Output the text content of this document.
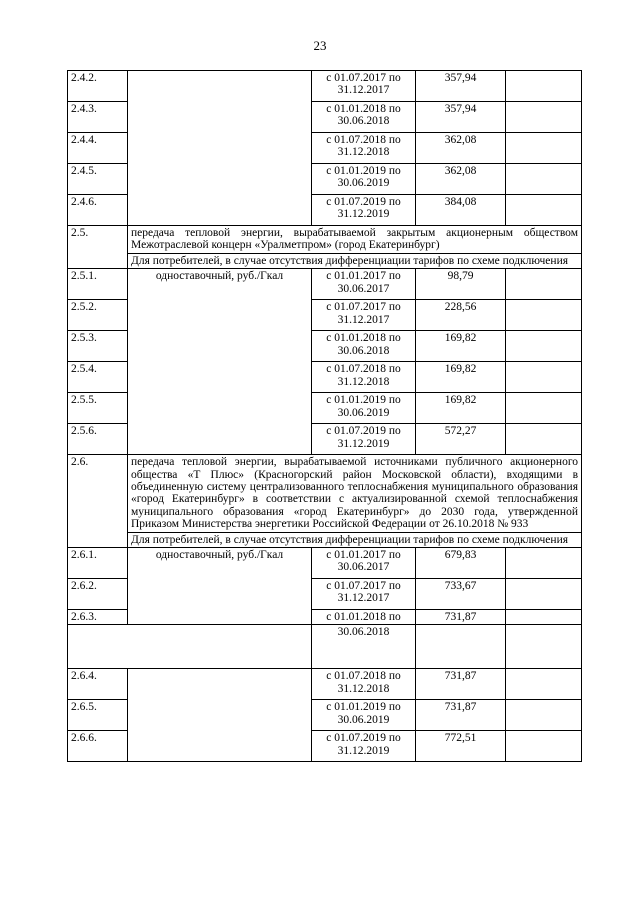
23
2.4.2.		с 01.07.2017 по 31.12.2017	357,94	
2.4.3.		с 01.01.2018 по 30.06.2018	357,94	
2.4.4.		с 01.07.2018 по 31.12.2018	362,08	
2.4.5.		с 01.01.2019 по 30.06.2019	362,08	
2.4.6.		с 01.07.2019 по 31.12.2019	384,08	
2.5.	передача тепловой энергии, вырабатываемой закрытым акционерным обществом Межотраслевой концерн «Уралметпром» (город Екатеринбург)			
	Для потребителей, в случае отсутствия дифференциации тарифов по схеме подключения			
2.5.1.	одноставочный, руб./Гкал	с 01.01.2017 по 30.06.2017	98,79	
2.5.2.		с 01.07.2017 по 31.12.2017	228,56	
2.5.3.		с 01.01.2018 по 30.06.2018	169,82	
2.5.4.		с 01.07.2018 по 31.12.2018	169,82	
2.5.5.		с 01.01.2019 по 30.06.2019	169,82	
2.5.6.		с 01.07.2019 по 31.12.2019	572,27	
2.6.	передача тепловой энергии, вырабатываемой источниками публичного акционерного общества «Т Плюс» (Красногорский район Московской области), входящими в объединенную систему централизованного теплоснабжения муниципального образования «город Екатеринбург» в соответствии с актуализированной схемой теплоснабжения муниципального образования «город Екатеринбург» до 2030 года, утвержденной Приказом Министерства энергетики Российской Федерации от 26.10.2018 № 933			
	Для потребителей, в случае отсутствия дифференциации тарифов по схеме подключения			
2.6.1.	одноставочный, руб./Гкал	с 01.01.2017 по 30.06.2017	679,83	
2.6.2.		с 01.07.2017 по 31.12.2017	733,67	
2.6.3.		с 01.01.2018 по	731,87	
		30.06.2018		
2.6.4.		с 01.07.2018 по 31.12.2018	731,87	
2.6.5.		с 01.01.2019 по 30.06.2019	731,87	
2.6.6.		с 01.07.2019 по 31.12.2019	772,51	
